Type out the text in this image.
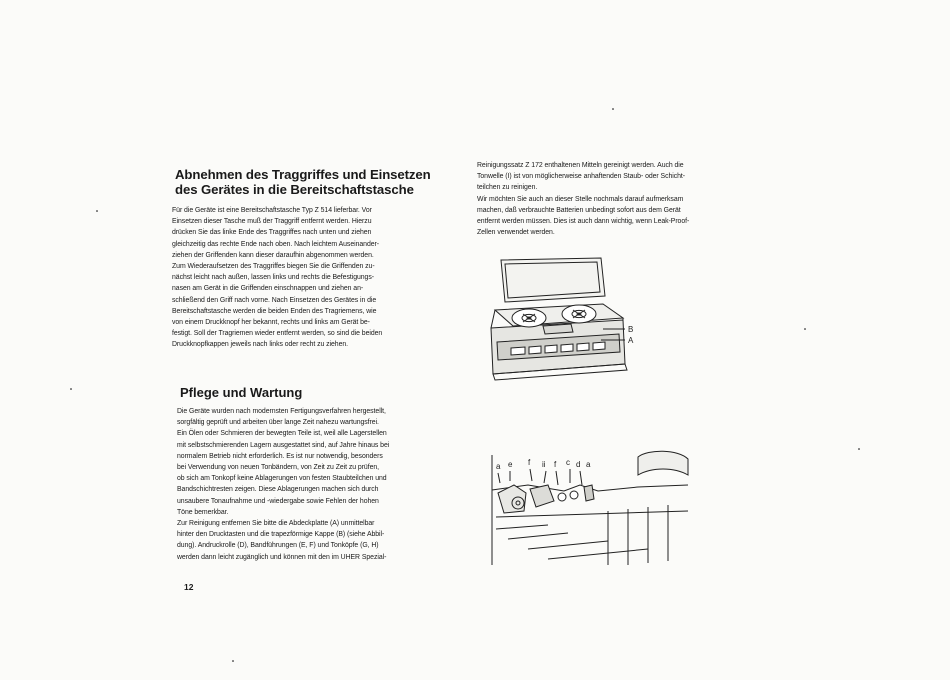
Abnehmen des Traggriffes und Einsetzen
des Gerätes in die Bereitschaftstasche
Für die Geräte ist eine Bereitschaftstasche Typ Z 514 lieferbar. Vor
Einsetzen dieser Tasche muß der Traggriff entfernt werden. Hierzu
drücken Sie das linke Ende des Traggriffes nach unten und ziehen
gleichzeitig das rechte Ende nach oben. Nach leichtem Auseinander-
ziehen der Griffenden kann dieser daraufhin abgenommen werden.
Zum Wiederaufsetzen des Traggriffes biegen Sie die Griffenden zu-
nächst leicht nach außen, lassen links und rechts die Befestigungs-
nasen am Gerät in die Griffenden einschnappen und ziehen an-
schließend den Griff nach vorne. Nach Einsetzen des Gerätes in die
Bereitschaftstasche werden die beiden Enden des Tragriemens, wie
von einem Druckknopf her bekannt, rechts und links am Gerät be-
festigt. Soll der Tragriemen wieder entfernt werden, so sind die beiden
Druckknopfkappen jeweils nach links oder recht zu ziehen.
Pflege und Wartung
Die Geräte wurden nach modernsten Fertigungsverfahren hergestellt,
sorgfältig geprüft und arbeiten über lange Zeit nahezu wartungsfrei.
Ein Ölen oder Schmieren der bewegten Teile ist, weil alle Lagerstellen
mit selbstschmierenden Lagern ausgestattet sind, auf Jahre hinaus bei
normalem Betrieb nicht erforderlich. Es ist nur notwendig, besonders
bei Verwendung von neuen Tonbändern, von Zeit zu Zeit zu prüfen,
ob sich am Tonkopf keine Ablagerungen von festen Staubteilchen und
Bandschichtresten zeigen. Diese Ablagerungen machen sich durch
unsaubere Tonaufnahme und -wiedergabe sowie Fehlen der hohen
Töne bemerkbar.
Zur Reinigung entfernen Sie bitte die Abdeckplatte (A) unmittelbar
hinter den Drucktasten und die trapezförmige Kappe (B) (siehe Abbil-
dung). Andruckrolle (D), Bandführungen (E, F) und Tonköpfe (G, H)
werden dann leicht zugänglich und können mit den im UHER Spezial-
Reinigungssatz Z 172 enthaltenen Mitteln gereinigt werden. Auch die
Tonwelle (I) ist von möglicherweise anhaftenden Staub- oder Schicht-
teilchen zu reinigen.
Wir möchten Sie auch an dieser Stelle nochmals darauf aufmerksam
machen, daß verbrauchte Batterien unbedingt sofort aus dem Gerät
entfernt werden müssen. Dies ist auch dann wichtig, wenn Leak-Proof-
Zellen verwendet werden.
B
A
a e f ii f c d a
12
